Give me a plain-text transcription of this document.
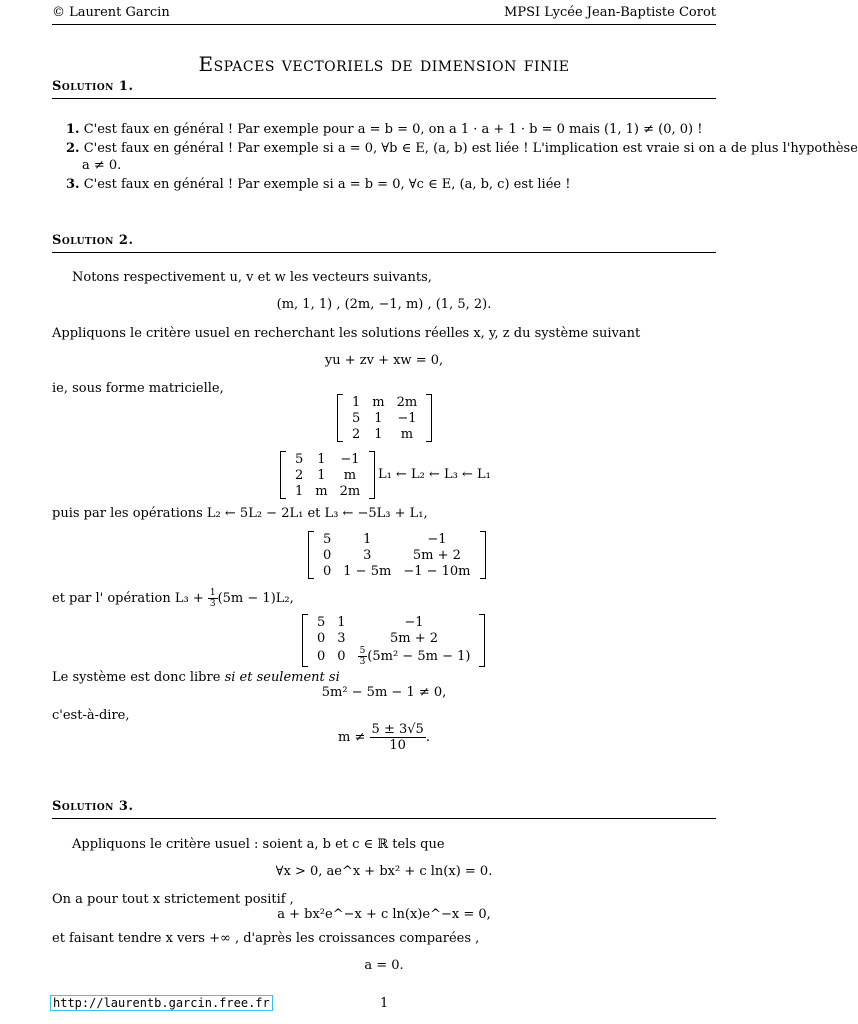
© Laurent Garcin	MPSI Lycée Jean-Baptiste Corot
Espaces vectoriels de dimension finie
Solution 1.
1. C'est faux en général ! Par exemple pour a = b = 0, on a 1 · a + 1 · b = 0 mais (1, 1) ≠ (0, 0) !
2. C'est faux en général ! Par exemple si a = 0, ∀b ∈ E, (a, b) est liée ! L'implication est vraie si on a de plus l'hypothèse
a ≠ 0.
3. C'est faux en général ! Par exemple si a = b = 0, ∀c ∈ E, (a, b, c) est liée !
Solution 2.
Notons respectivement u, v et w les vecteurs suivants,
(m, 1, 1) , (2m, −1, m) , (1, 5, 2).
Appliquons le critère usuel en recherchant les solutions réelles x, y, z du système suivant
yu + zv + xw = 0,
ie, sous forme matricielle,
1	m	2m
5	1	−1
2	1	m
5	1	−1
2	1	m
1	m	2m
L₁ ← L₂ ← L₃ ← L₁
puis par les opérations L₂ ← 5L₂ − 2L₁ et L₃ ← −5L₃ + L₁,
5	1	−1
0	3	5m + 2
0	1 − 5m	−1 − 10m
et par l' opération $L_3 + \frac{1}{3} (5m - 1)L_2$,
5	1	−1
0	3	5m + 2
0	0	$\frac{5}{3} (5m^2 - 5m - 1)$
Le système est donc libre si et seulement si
5m² − 5m − 1 ≠ 0,
c'est-à-dire,
$m \ne \frac{5 \pm 3√5}{10}$ .
Solution 3.
Appliquons le critère usuel : soient a, b et c ∈ ℝ tels que
∀x > 0, ae^x + bx² + c ln(x) = 0.
On a pour tout x strictement positif ,
a + bx²e^−x + c ln(x)e^−x = 0,
et faisant tendre x vers +∞ , d'après les croissances comparées ,
a = 0.
http://laurentb.garcin.free.fr	1
